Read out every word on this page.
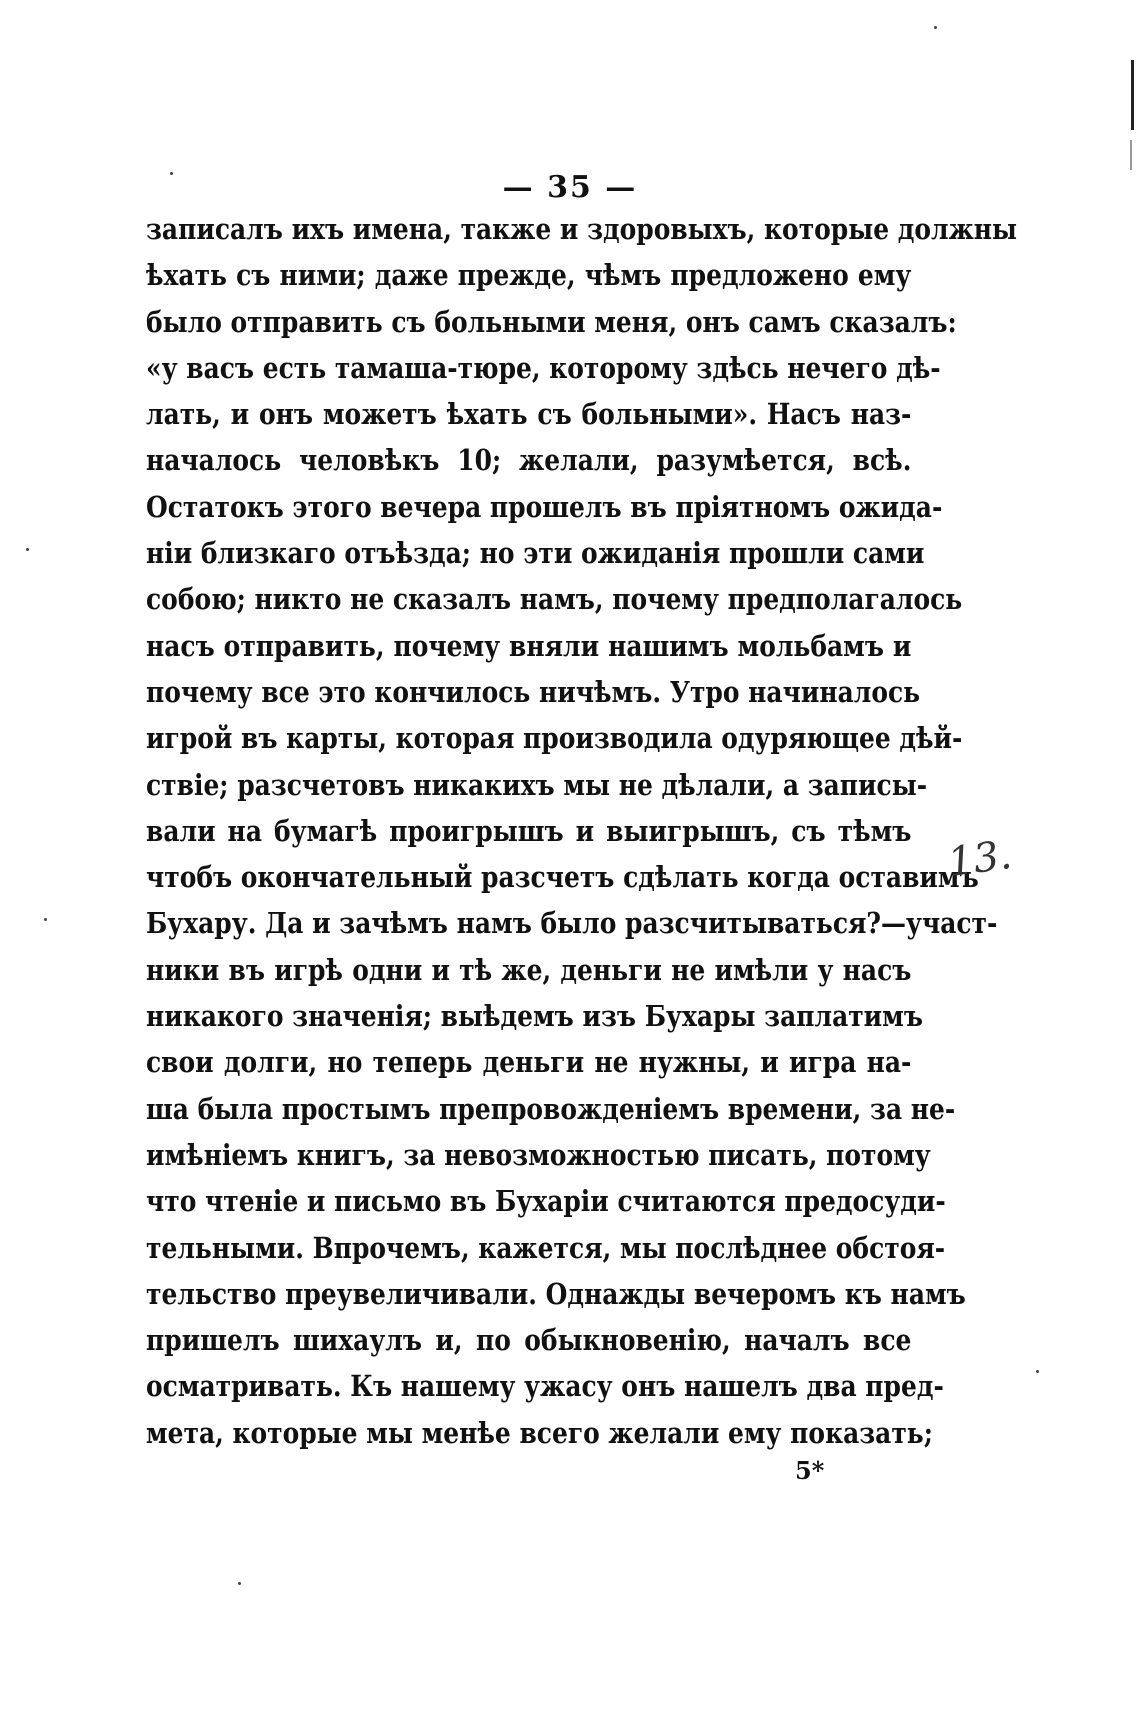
— 35 —
записалъ ихъ имена, также и здоровыхъ, которые должны
ѣхать съ ними; даже прежде, чѣмъ предложено ему
было отправить съ больными меня, онъ самъ сказалъ:
«у васъ есть тамаша-тюре, которому здѣсь нечего дѣ-
лать, и онъ можетъ ѣхать съ больными». Насъ наз-
началось человѣкъ 10; желали, разумѣется, всѣ.
Остатокъ этого вечера прошелъ въ пріятномъ ожида-
ніи близкаго отъѣзда; но эти ожиданія прошли сами
собою; никто не сказалъ намъ, почему предполагалось
насъ отправить, почему вняли нашимъ мольбамъ и
почему все это кончилось ничѣмъ. Утро начиналось
игрой въ карты, которая производила одуряющее дѣй-
ствіе; разсчетовъ никакихъ мы не дѣлали, а записы-
вали на бумагѣ проигрышъ и выигрышъ, съ тѣмъ
чтобъ окончательный разсчетъ сдѣлать когда оставимъ
Бухару. Да и зачѣмъ намъ было разсчитываться?—участ-
ники въ игрѣ одни и тѣ же, деньги не имѣли у насъ
никакого значенія; выѣдемъ изъ Бухары заплатимъ
свои долги, но теперь деньги не нужны, и игра на-
ша была простымъ препровожденіемъ времени, за не-
имѣніемъ книгъ, за невозможностью писать, потому
что чтеніе и письмо въ Бухаріи считаются предосуди-
тельными. Впрочемъ, кажется, мы послѣднее обстоя-
тельство преувеличивали. Однажды вечеромъ къ намъ
пришелъ шихаулъ и, по обыкновенію, началъ все
осматривать. Къ нашему ужасу онъ нашелъ два пред-
мета, которые мы менѣе всего желали ему показать;
5*
13.
